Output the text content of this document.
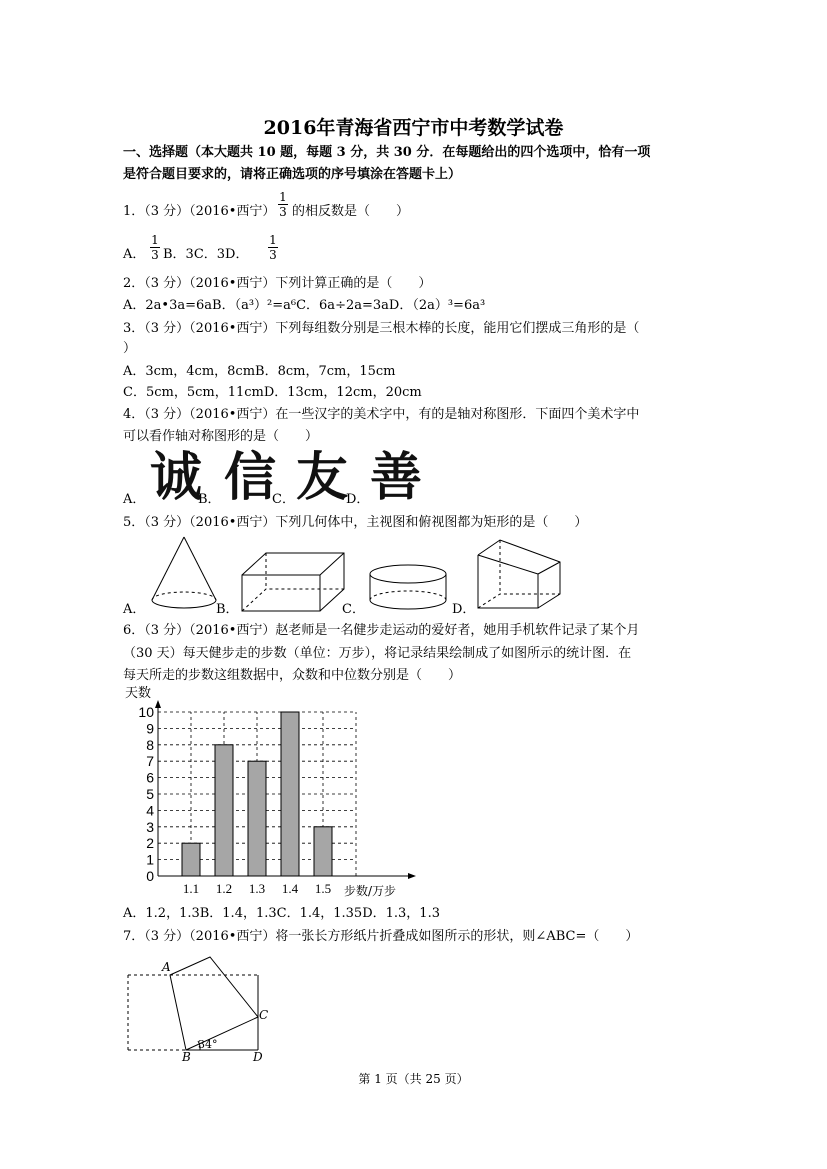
2016年青海省西宁市中考数学试卷
一、选择题（本大题共 10 题，每题 3 分，共 30 分．在每题给出的四个选项中，恰有一项
是符合题目要求的，请将正确选项的序号填涂在答题卡上）
1．（3 分）（2016•西宁）
1
3 的相反数是（　　）
A．
1
3 B．3C．3D．
1
3
2．（3 分）（2016•西宁）下列计算正确的是（　　）
A．2a•3a=6aB．（a³）²=a⁶C．6a÷2a=3aD．（2a）³=6a³
3．（3 分）（2016•西宁）下列每组数分别是三根木棒的长度，能用它们摆成三角形的是（
）
A．3cm，4cm，8cmB．8cm，7cm，15cm
C．5cm，5cm，11cmD．13cm，12cm，20cm
4．（3 分）（2016•西宁）在一些汉字的美术字中，有的是轴对称图形．下面四个美术字中
可以看作轴对称图形的是（　　）
A． 诚
B． 信
C． 友
D． 善
5．（3 分）（2016•西宁）下列几何体中，主视图和俯视图都为矩形的是（　　）
A．	B．	C．	D．
6．（3 分）（2016•西宁）赵老师是一名健步走运动的爱好者，她用手机软件记录了某个月
（30 天）每天健步走的步数（单位：万步），将记录结果绘制成了如图所示的统计图．在
每天所走的步数这组数据中，众数和中位数分别是（　　）
0
1
2
3
4
5
6
7
8
9
10
1.1 1.2 1.3 1.4 1.5
天数
步数/万步
A．1.2，1.3B．1.4，1.3C．1.4，1.35D．1.3，1.3
7．（3 分）（2016•西宁）将一张长方形纸片折叠成如图所示的形状，则∠ABC=（　　）
A
B
C
D
34°
第 1 页（共 25 页）
